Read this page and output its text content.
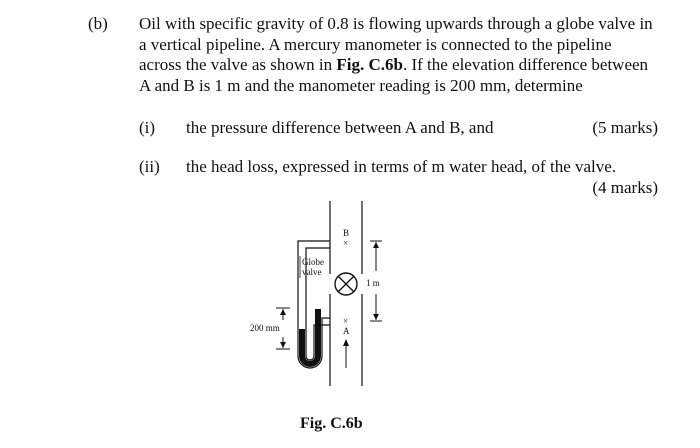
(b) Oil with specific gravity of 0.8 is flowing upwards through a globe valve in
a vertical pipeline. A mercury manometer is connected to the pipeline
across the valve as shown in Fig. C.6b. If the elevation difference between
A and B is 1 m and the manometer reading is 200 mm, determine
(i) the pressure difference between A and B, and	(5 marks)
(ii) the head loss, expressed in terms of m water head, of the valve.
(4 marks)
B
×
×
A
Globe
valve
1 m
200 mm
Fig. C.6b
